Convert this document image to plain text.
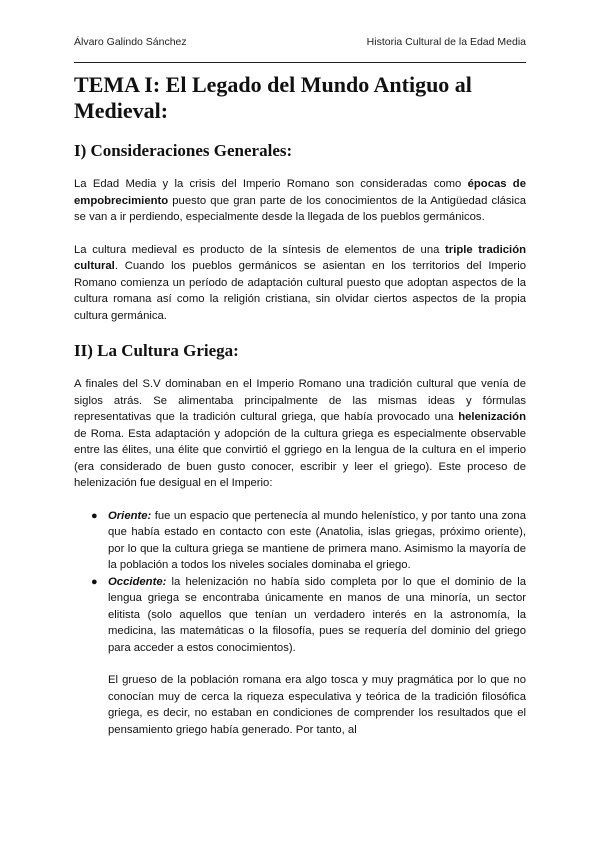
Álvaro Galindo Sánchez	Historia Cultural de la Edad Media
TEMA I: El Legado del Mundo Antiguo al Medieval:
I) Consideraciones Generales:

La Edad Media y la crisis del Imperio Romano son consideradas como épocas de empobrecimiento puesto que gran parte de los conocimientos de la Antigüedad clásica se van a ir perdiendo, especialmente desde la llegada de los pueblos germánicos.

La cultura medieval es producto de la síntesis de elementos de una triple tradición cultural. Cuando los pueblos germánicos se asientan en los territorios del Imperio Romano comienza un período de adaptación cultural puesto que adoptan aspectos de la cultura romana así como la religión cristiana, sin olvidar ciertos aspectos de la propia cultura germánica.

II) La Cultura Griega:

A finales del S.V dominaban en el Imperio Romano una tradición cultural que venía de siglos atrás. Se alimentaba principalmente de las mismas ideas y fórmulas representativas que la tradición cultural griega, que había provocado una helenización de Roma. Esta adaptación y adopción de la cultura griega es especialmente observable entre las élites, una élite que convirtió el ggriego en la lengua de la cultura en el imperio (era considerado de buen gusto conocer, escribir y leer el griego). Este proceso de helenización fue desigual en el Imperio:

● Oriente: fue un espacio que pertenecía al mundo helenístico, y por tanto una zona que había estado en contacto con este (Anatolia, islas griegas, próximo oriente), por lo que la cultura griega se mantiene de primera mano. Asimismo la mayoría de la población a todos los niveles sociales dominaba el griego.
● Occidente: la helenización no había sido completa por lo que el dominio de la lengua griega se encontraba únicamente en manos de una minoría, un sector elitista (solo aquellos que tenían un verdadero interés en la astronomía, la medicina, las matemáticas o la filosofía, pues se requería del dominio del griego para acceder a estos conocimientos).

El grueso de la población romana era algo tosca y muy pragmática por lo que no conocían muy de cerca la riqueza especulativa y teórica de la tradición filosófica griega, es decir, no estaban en condiciones de comprender los resultados que el pensamiento griego había generado. Por tanto, al
